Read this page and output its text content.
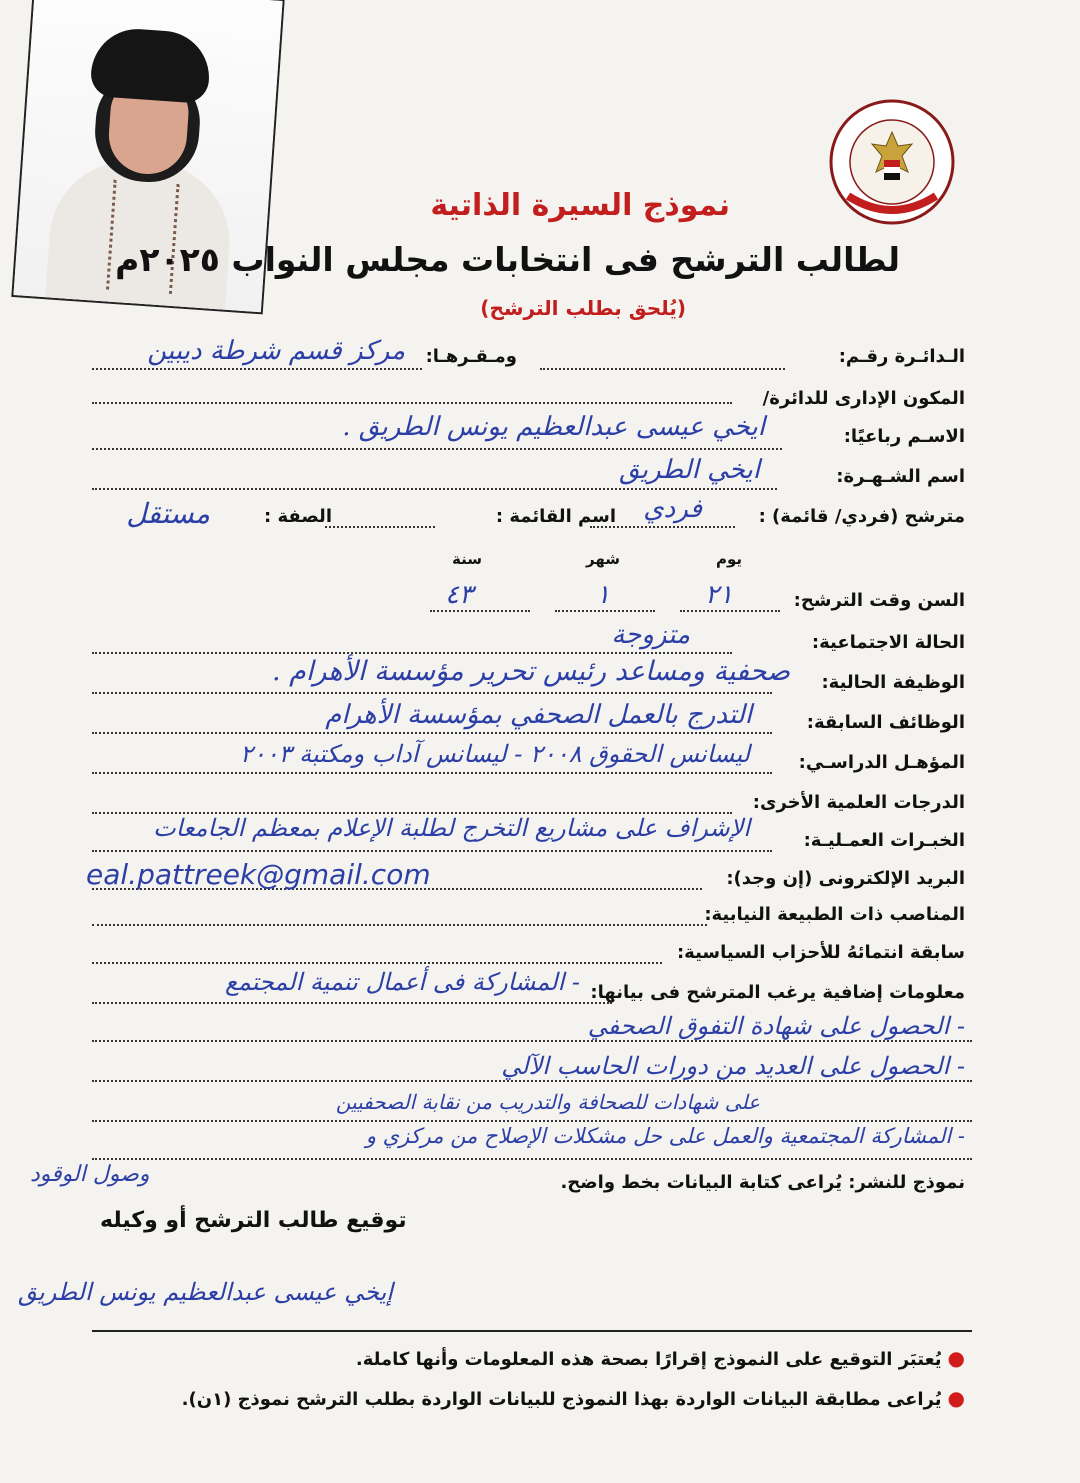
نموذج السيرة الذاتية
لطالب الترشح فى انتخابات مجلس النواب ٢٠٢٥م
(يُلحق بطلب الترشح)
الـدائـرة رقـم:
ومـقـرهـا:
مركز قسم شرطة ديبين
المكون الإدارى للدائرة/
الاسـم رباعيًا:
ايخي عيسى عبدالعظيم يونس الطريق .
اسم الشـهـرة:
ايخي الطريق
مترشح (فردي/ قائمة) :
فردي
اسم القائمة :
الصفة :
مستقل
يوم
شهر
سنة
السن وقت الترشح:
٢١
١
٤٣
الحالة الاجتماعية:
متزوجة
الوظيفة الحالية:
صحفية ومساعد رئيس تحرير مؤسسة الأهرام .
الوظائف السابقة:
التدرج بالعمل الصحفي بمؤسسة الأهرام
المؤهـل الدراسـي:
ليسانس الحقوق ٢٠٠٨ - ليسانس آداب ومكتبة ٢٠٠٣
الدرجات العلمية الأخرى:
الخبـرات العمـليـة:
الإشراف على مشاريع التخرج لطلبة الإعلام بمعظم الجامعات
البريد الإلكترونى (إن وجد):
eal.pattreek@gmail.com
المناصب ذات الطبيعة النيابية:
سابقة انتمائهُ للأحزاب السياسية:
معلومات إضافية يرغب المترشح فى بيانها:
- المشاركة فى أعمال تنمية المجتمع
- الحصول على شهادة التفوق الصحفي
- الحصول على العديد من دورات الحاسب الآلي
على شهادات للصحافة والتدريب من نقابة الصحفيين
- المشاركة المجتمعية والعمل على حل مشكلات الإصلاح من مركزي و
وصول الوقود	نموذج للنشر: يُراعى كتابة البيانات بخط واضح.
توقيع طالب الترشح أو وكيله
إيخي عيسى عبدالعظيم يونس الطريق
●يُعتبَر التوقيع على النموذج إقرارًا بصحة هذه المعلومات وأنها كاملة.
●يُراعى مطابقة البيانات الواردة بهذا النموذج للبيانات الواردة بطلب الترشح نموذج (١ن).
